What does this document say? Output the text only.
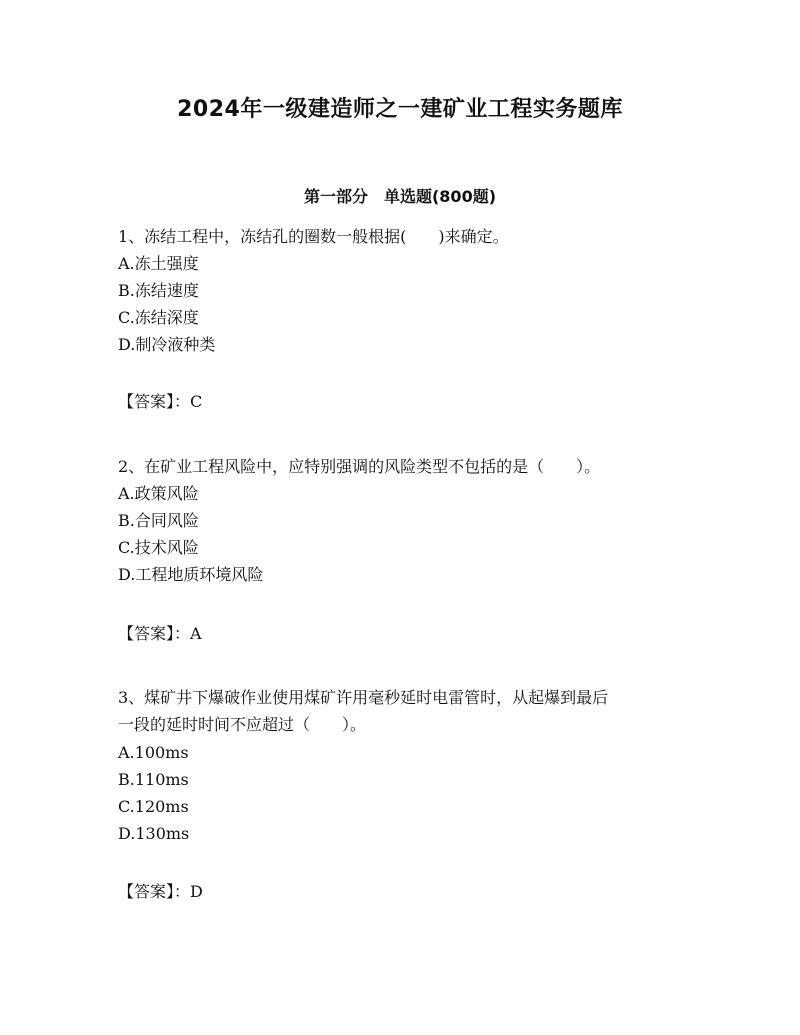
2024年一级建造师之一建矿业工程实务题库
第一部分　单选题(800题)
1、冻结工程中，冻结孔的圈数一般根据(　　)来确定。
A.冻土强度
B.冻结速度
C.冻结深度
D.制冷液种类
【答案】：C
2、在矿业工程风险中，应特别强调的风险类型不包括的是（　　）。
A.政策风险
B.合同风险
C.技术风险
D.工程地质环境风险
【答案】：A
3、煤矿井下爆破作业使用煤矿许用毫秒延时电雷管时，从起爆到最后
一段的延时时间不应超过（　　）。
A.100ms
B.110ms
C.120ms
D.130ms
【答案】：D
